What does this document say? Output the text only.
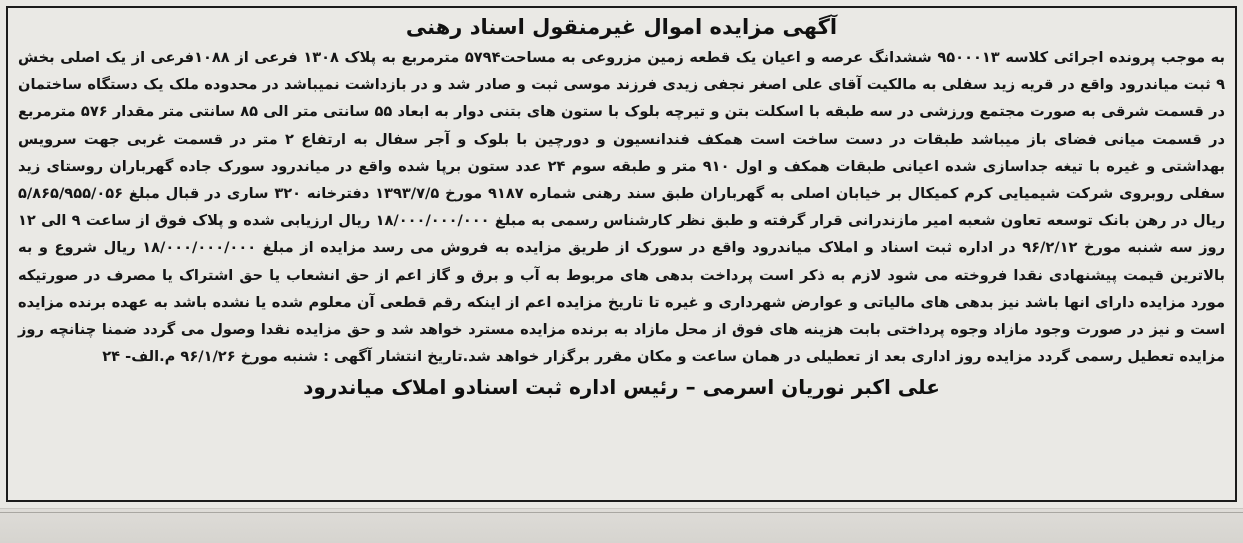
آگهی مزایده اموال غیرمنقول اسناد رهنی

به موجب پرونده اجرائی کلاسه ۹۵۰۰۰۱۳ ششدانگ عرصه و اعیان یک قطعه زمین مزروعی به مساحت۵۷۹۴ مترمربع به پلاک ۱۳۰۸ فرعی از ۱۰۸۸فرعی از یک اصلی بخش ۹ ثبت میاندرود واقع در قریه زید سفلی به مالکیت آقای علی اصغر نجفی زیدی فرزند موسی ثبت و صادر شد و در بازداشت نمیباشد در محدوده ملک یک دستگاه ساختمان در قسمت شرقی به صورت مجتمع ورزشی در سه طبقه با اسکلت بتن و تیرچه بلوک با ستون های بتنی دوار به ابعاد ۵۵ سانتی متر الی ۸۵ سانتی متر مقدار ۵۷۶ مترمربع در قسمت میانی فضای باز میباشد طبقات در دست ساخت است همکف فندانسیون و دورچین با بلوک و آجر سفال به ارتفاع ۲ متر در قسمت غربی جهت سرویس بهداشتی و غیره با تیغه جداسازی شده اعیانی طبقات همکف و اول ۹۱۰ متر و طبقه سوم ۲۴ عدد ستون برپا شده واقع در میاندرود سورک جاده گهرباران روستای زید سفلی روبروی شرکت شیمیایی کرم کمیکال بر خیابان اصلی به گهرباران طبق سند رهنی شماره ۹۱۸۷ مورخ ۱۳۹۳/۷/۵ دفترخانه ۳۲۰ ساری در قبال مبلغ ۵/۸۶۵/۹۵۵/۰۵۶ ریال در رهن بانک توسعه تعاون شعبه امیر مازندرانی قرار گرفته و طبق نظر کارشناس رسمی به مبلغ ۱۸/۰۰۰/۰۰۰/۰۰۰ ریال ارزیابی شده و پلاک فوق از ساعت ۹ الی ۱۲ روز سه شنبه مورخ ۹۶/۲/۱۲ در اداره ثبت اسناد و املاک میاندرود واقع در سورک از طریق مزایده به فروش می رسد مزایده از مبلغ ۱۸/۰۰۰/۰۰۰/۰۰۰ ریال شروع و به بالاترین قیمت پیشنهادی نقدا فروخته می شود لازم به ذکر است پرداخت بدهی های مربوط به آب و برق و گاز اعم از حق انشعاب یا حق اشتراک یا مصرف در صورتیکه مورد مزایده دارای انها باشد نیز بدهی های مالیاتی و عوارض شهرداری و غیره تا تاریخ مزایده اعم از اینکه رقم قطعی آن معلوم شده یا نشده باشد به عهده برنده مزایده است و نیز در صورت وجود مازاد وجوه پرداختی بابت هزینه های فوق از محل مازاد به برنده مزایده مسترد خواهد شد و حق مزایده نقدا وصول می گردد ضمنا چنانچه روز مزایده تعطیل رسمی گردد مزایده روز اداری بعد از تعطیلی در همان ساعت و مکان مقرر برگزار خواهد شد.تاریخ انتشار آگهی : شنبه مورخ ۹۶/۱/۲۶ م.الف- ۲۴

علی اکبر نوریان اسرمی – رئیس اداره ثبت اسنادو املاک میاندرود
